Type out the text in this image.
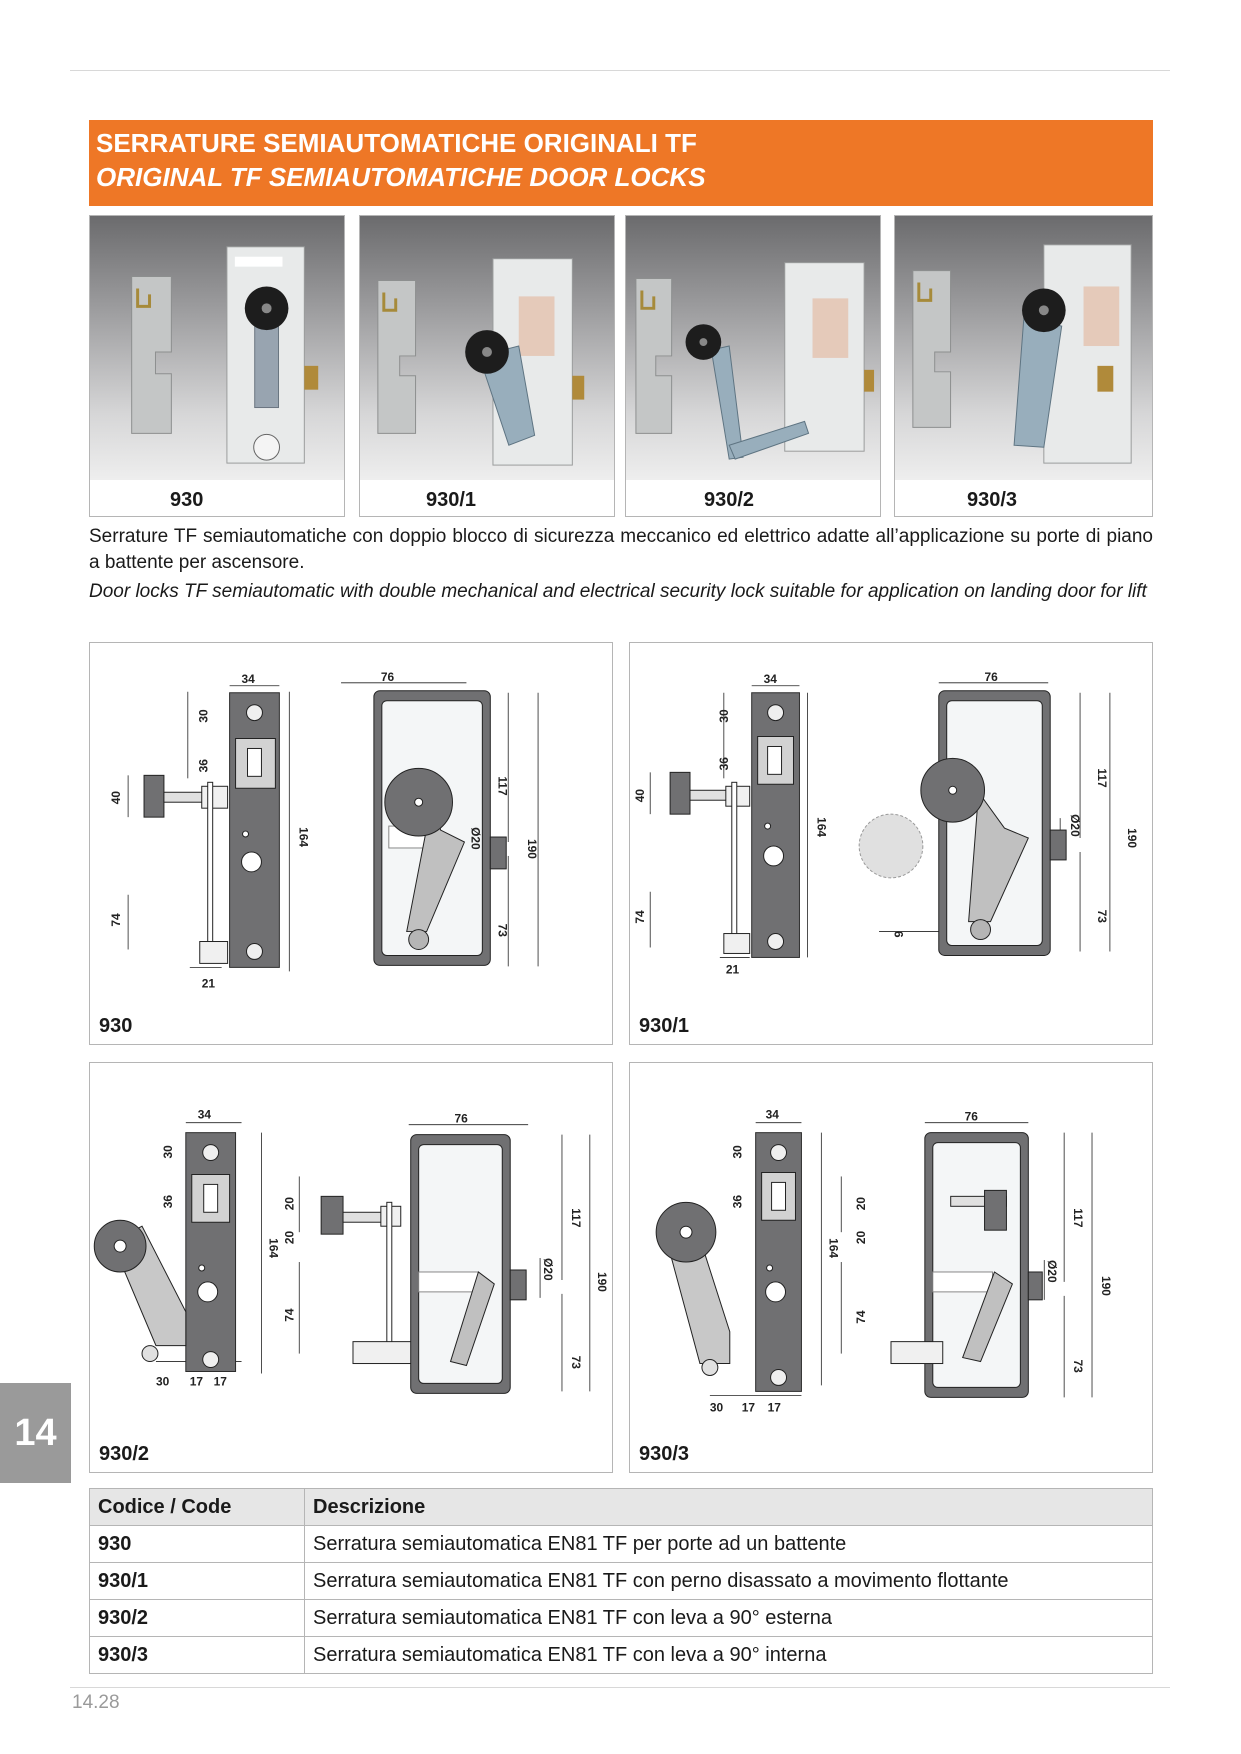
SERRATURE SEMIAUTOMATICHE ORIGINALI TF
ORIGINAL TF SEMIAUTOMATICHE DOOR LOCKS
930	930/1	930/2	930/3

Serrature TF semiautomatiche con doppio blocco di sicurezza meccanico ed elettrico adatte all’applicazione su porte di piano a battente per ascensore.

Door locks TF semiautomatic with double mechanical and electrical security lock suitable for application on landing door for lift

34
30
36
40
164
74
21
76
117
Ø20	190
73
930
34
30
36
40
164
74
21
76
117
Ø20
190
73
9
930/1
34
30
36
164
30 17 17
76
20
20
74
117
Ø20
190
73
930/2
34
30
36
164
30 17 17
76
20
20
74
117
Ø20
190
73
930/3
Codice / Code	Descrizione
930	Serratura semiautomatica EN81 TF per porte ad un battente
930/1	Serratura semiautomatica EN81 TF con perno disassato a movimento flottante
930/2	Serratura semiautomatica EN81 TF con leva a 90° esterna
930/3	Serratura semiautomatica EN81 TF con leva a 90° interna
14
14.28
